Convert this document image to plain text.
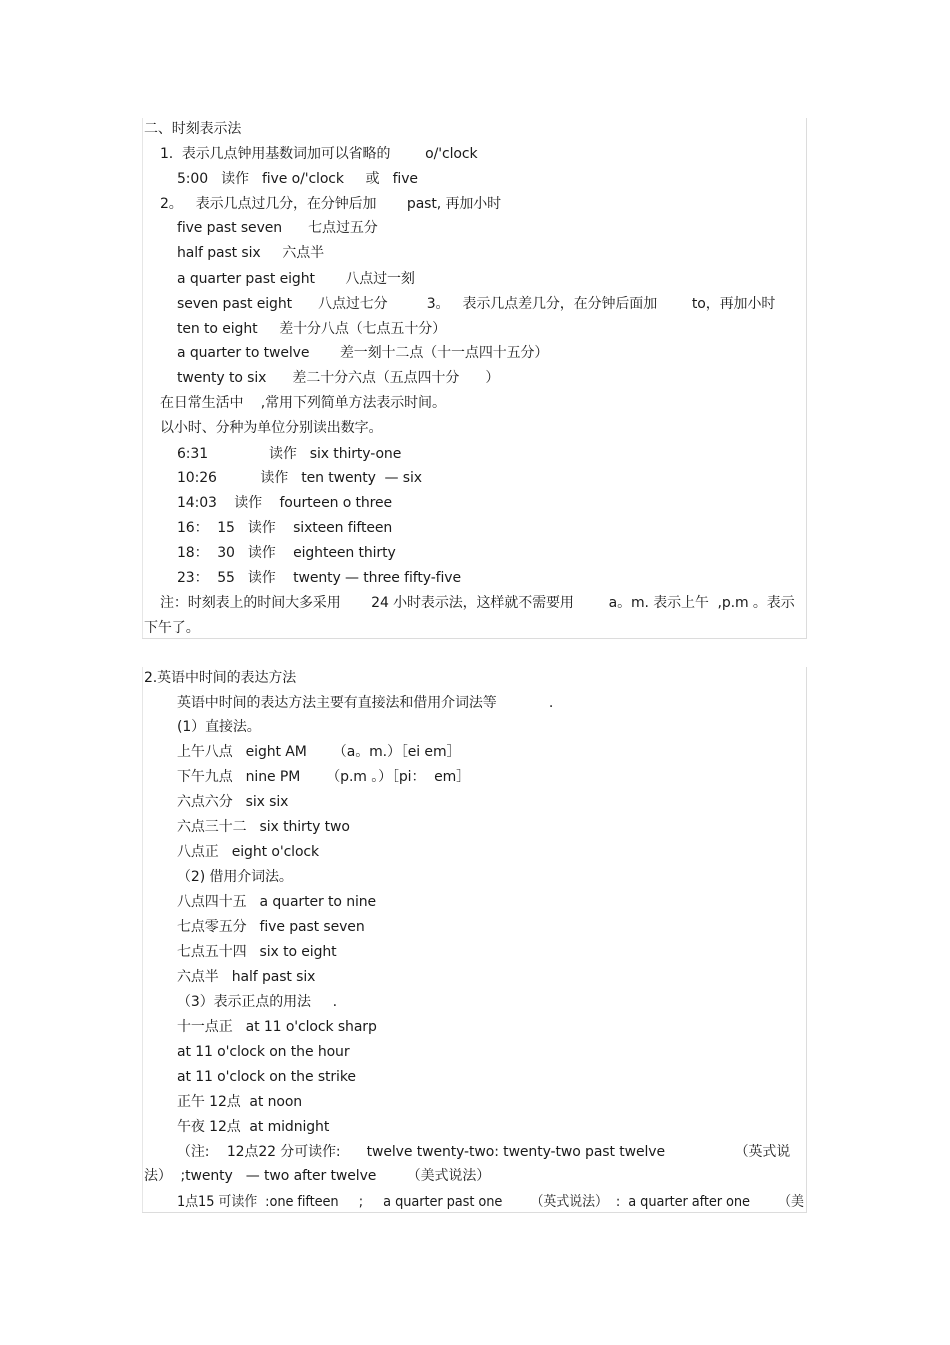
二、时刻表示法
1.  表示几点钟用基数词加可以省略的        o/'clock
5:00   读作   five o/'clock     或   five
2。   表示几点过几分，在分钟后加       past, 再加小时
five past seven      七点过五分
half past six     六点半
a quarter past eight       八点过一刻
seven past eight      八点过七分         3。   表示几点差几分，在分钟后面加        to，再加小时
ten to eight     差十分八点（七点五十分）
a quarter to twelve       差一刻十二点（十一点四十五分）
twenty to six      差二十分六点（五点四十分      ）
在日常生活中    ,常用下列简单方法表示时间。
以小时、分种为单位分别读出数字。
6:31              读作   six thirty-one
10:26          读作   ten twenty  — six
14:03    读作    fourteen o three
16：  15   读作    sixteen fifteen
18：  30   读作    eighteen thirty
23：  55   读作    twenty — three fifty-five
注：时刻表上的时间大多采用       24 小时表示法，这样就不需要用        a。m. 表示上午  ,p.m 。表示
下午了。
2.英语中时间的表达方法
英语中时间的表达方法主要有直接法和借用介词法等            .
(1）直接法。
上午八点   eight AM      （a。m.）［ei em］
下午九点   nine PM      （p.m 。）［pi：  em］
六点六分   six six
六点三十二   six thirty two
八点正   eight o'clock
（2) 借用介词法。
八点四十五   a quarter to nine
七点零五分   five past seven
七点五十四   six to eight
六点半   half past six
（3）表示正点的用法     .
十一点正   at 11 o'clock sharp
at 11 o'clock on the hour
at 11 o'clock on the strike
正午 12点  at noon
午夜 12点  at midnight
（注:    12点22 分可读作:      twelve twenty-two: twenty-two past twelve                （英式说
法）  ;twenty   — two after twelve       （美式说法）
1点15 可读作  :one fifteen     ;     a quarter past one       （英式说法）  :  a quarter after one       （美
